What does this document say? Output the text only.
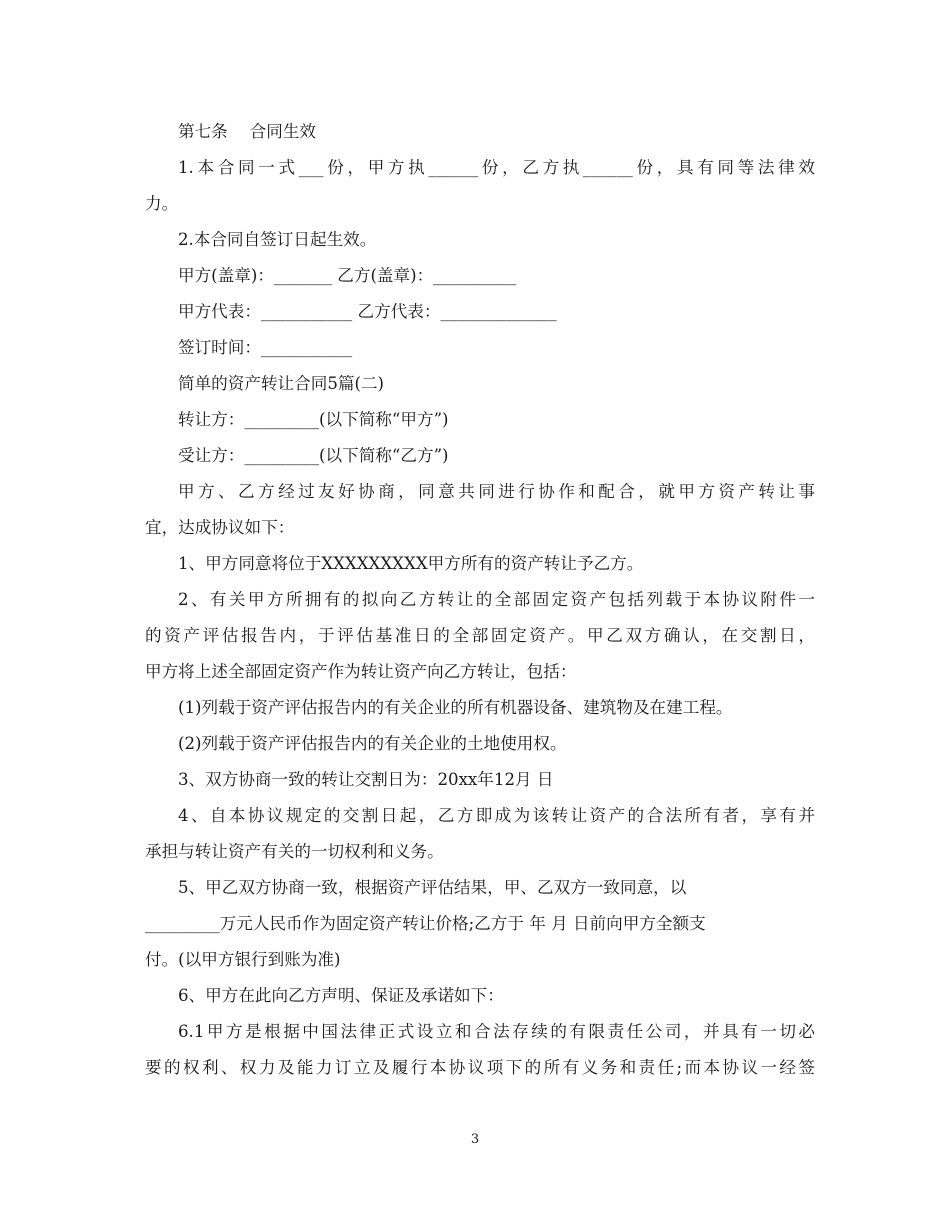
第七条　 合同生效
1.本合同一式___份，甲方执______份，乙方执______份，具有同等法律效
力。
2.本合同自签订日起生效。
甲方(盖章)：_______ 乙方(盖章)：__________
甲方代表：___________ 乙方代表：______________
签订时间：___________
简单的资产转让合同5篇(二)
转让方：_________(以下简称“甲方”)
受让方：_________(以下简称“乙方”)
甲方、乙方经过友好协商，同意共同进行协作和配合，就甲方资产转让事
宜，达成协议如下：
1、甲方同意将位于XXXXXXXXX甲方所有的资产转让予乙方。
2、有关甲方所拥有的拟向乙方转让的全部固定资产包括列载于本协议附件一
的资产评估报告内，于评估基准日的全部固定资产。甲乙双方确认，在交割日，
甲方将上述全部固定资产作为转让资产向乙方转让，包括：
(1)列载于资产评估报告内的有关企业的所有机器设备、建筑物及在建工程。
(2)列载于资产评估报告内的有关企业的土地使用权。
3、双方协商一致的转让交割日为：20xx年12月 日
4、自本协议规定的交割日起，乙方即成为该转让资产的合法所有者，享有并
承担与转让资产有关的一切权利和义务。
5、甲乙双方协商一致，根据资产评估结果，甲、乙双方一致同意，以
_________万元人民币作为固定资产转让价格;乙方于 年 月 日前向甲方全额支
付。(以甲方银行到账为准)
6、甲方在此向乙方声明、保证及承诺如下：
6.1甲方是根据中国法律正式设立和合法存续的有限责任公司，并具有一切必
要的权利、权力及能力订立及履行本协议项下的所有义务和责任;而本协议一经签
3
